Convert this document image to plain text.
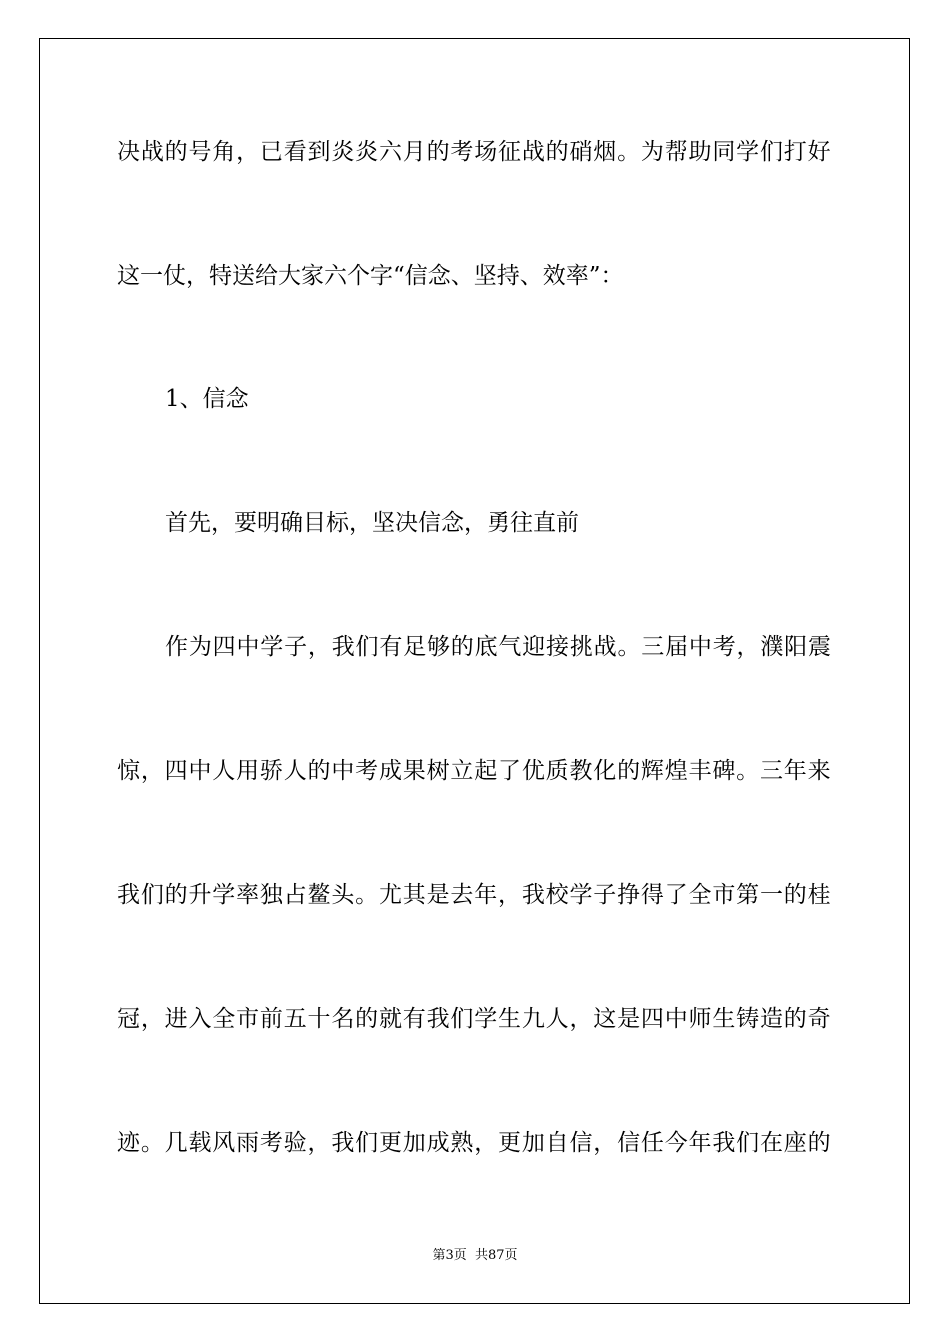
决 战 的 号 角 ， 已 看 到 炎 炎 六 月 的 考 场 征 战 的 硝 烟 。 为 帮 助 同 学 们 打 好
这一仗，特送给大家六个字“信念、坚持、效率”：
1、信念
首先，要明确目标，坚决信念，勇往直前
作 为 四 中 学 子 ， 我 们 有 足 够 的 底 气 迎 接 挑 战 。 三 届 中 考 ， 濮 阳 震
惊 ， 四 中 人 用 骄 人 的 中 考 成 果 树 立 起 了 优 质 教 化 的 辉 煌 丰 碑 。 三 年 来
我 们 的 升 学 率 独 占 鳌 头 。 尤 其 是 去 年 ， 我 校 学 子 挣 得 了 全 市 第 一 的 桂
冠 ， 进 入 全 市 前 五 十 名 的 就 有 我 们 学 生 九 人 ， 这 是 四 中 师 生 铸 造 的 奇
迹 。 几 载 风 雨 考 验 ， 我 们 更 加 成 熟 ， 更 加 自 信 ， 信 任 今 年 我 们 在 座 的
第3页 共87页
